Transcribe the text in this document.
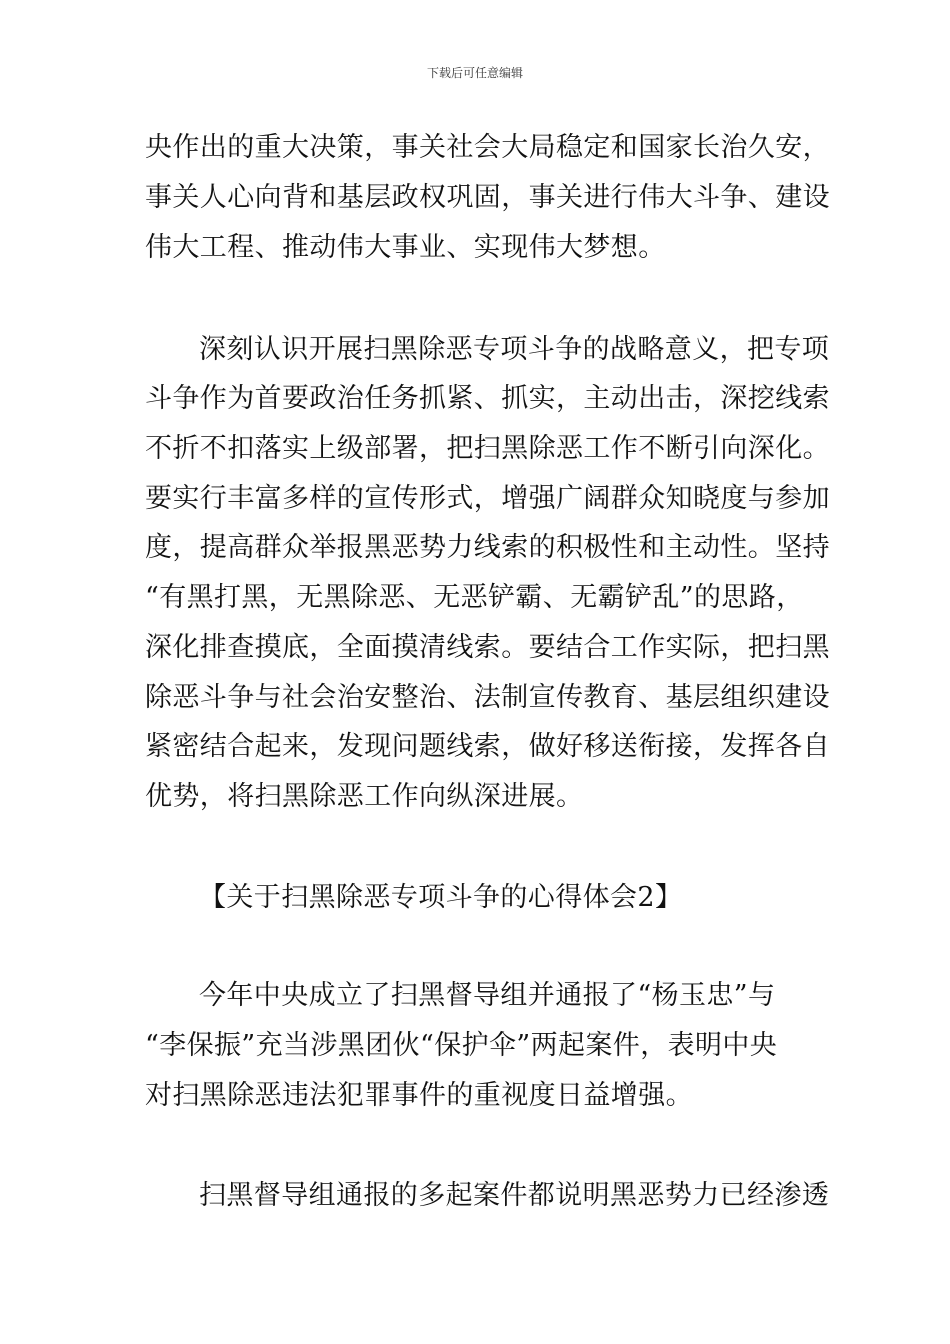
下载后可任意编辑
央作出的重大决策，事关社会大局稳定和国家长治久安，
事关人心向背和基层政权巩固，事关进行伟大斗争、建设
伟大工程、推动伟大事业、实现伟大梦想。
深刻认识开展扫黑除恶专项斗争的战略意义，把专项
斗争作为首要政治任务抓紧、抓实，主动出击，深挖线索
不折不扣落实上级部署，把扫黑除恶工作不断引向深化。
要实行丰富多样的宣传形式，增强广阔群众知晓度与参加
度，提高群众举报黑恶势力线索的积极性和主动性。坚持
“有黑打黑，无黑除恶、无恶铲霸、无霸铲乱”的思路，
深化排查摸底，全面摸清线索。要结合工作实际，把扫黑
除恶斗争与社会治安整治、法制宣传教育、基层组织建设
紧密结合起来，发现问题线索，做好移送衔接，发挥各自
优势，将扫黑除恶工作向纵深进展。
【关于扫黑除恶专项斗争的心得体会2】
今年中央成立了扫黑督导组并通报了“杨玉忠”与
“李保振”充当涉黑团伙“保护伞”两起案件，表明中央
对扫黑除恶违法犯罪事件的重视度日益增强。
扫黑督导组通报的多起案件都说明黑恶势力已经渗透
